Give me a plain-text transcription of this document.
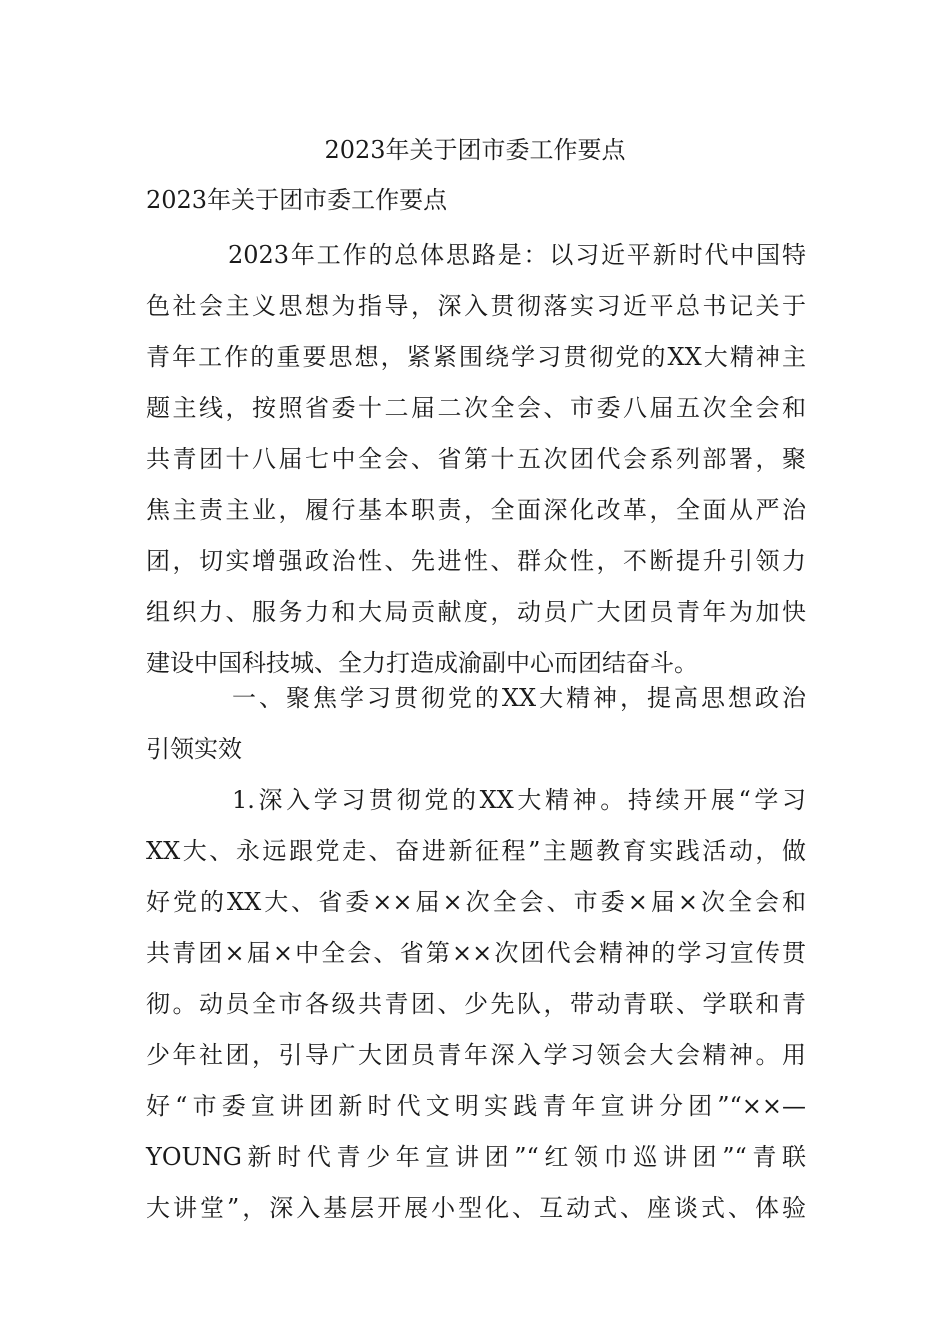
2023年关于团市委工作要点

2023年关于团市委工作要点

2023年工作的总体思路是：以习近平新时代中国特
色社会主义思想为指导，深入贯彻落实习近平总书记关于
青年工作的重要思想，紧紧围绕学习贯彻党的XX大精神主
题主线，按照省委十二届二次全会、市委八届五次全会和
共青团十八届七中全会、省第十五次团代会系列部署，聚
焦主责主业，履行基本职责，全面深化改革，全面从严治
团，切实增强政治性、先进性、群众性，不断提升引领力
组织力、服务力和大局贡献度，动员广大团员青年为加快
建设中国科技城、全力打造成渝副中心而团结奋斗。
一、聚焦学习贯彻党的XX大精神，提高思想政治
引领实效
1.深入学习贯彻党的XX大精神。持续开展“学习
XX大、永远跟党走、奋进新征程”主题教育实践活动，做
好党的XX大、省委××届×次全会、市委×届×次全会和
共青团×届×中全会、省第××次团代会精神的学习宣传贯
彻。动员全市各级共青团、少先队，带动青联、学联和青
少年社团，引导广大团员青年深入学习领会大会精神。用
好“市委宣讲团新时代文明实践青年宣讲分团”“××—
YOUNG新时代青少年宣讲团”“红领巾巡讲团”“青联
大讲堂”，深入基层开展小型化、互动式、座谈式、体验
